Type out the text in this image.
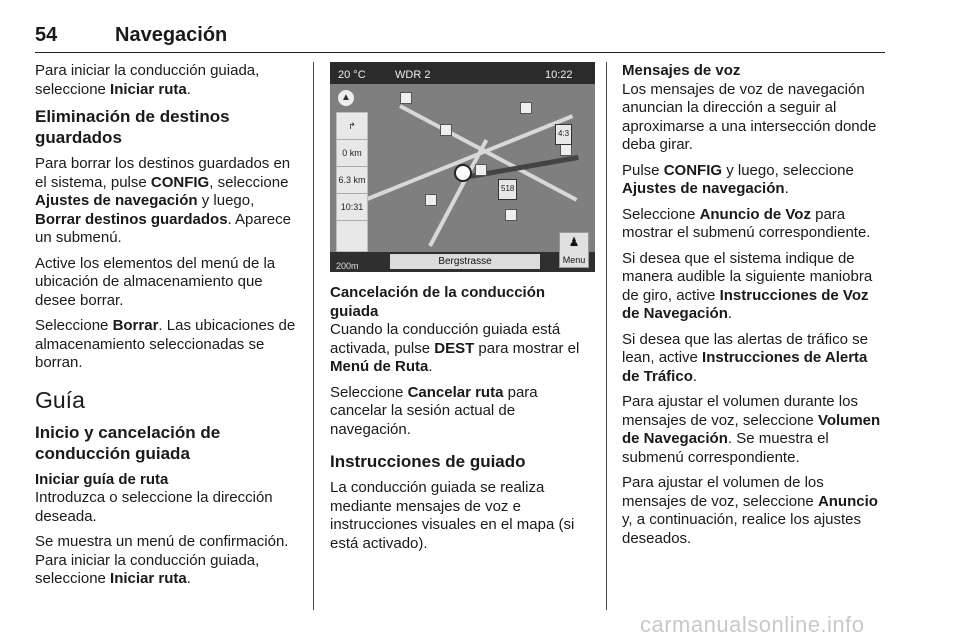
54	Navegación

Para iniciar la conducción guiada, seleccione Iniciar ruta.

Eliminación de destinos guardados

Para borrar los destinos guardados en el sistema, pulse CONFIG, seleccione Ajustes de navegación y luego, Borrar destinos guardados. Aparece un submenú.

Active los elementos del menú de la ubicación de almacenamiento que desee borrar.

Seleccione Borrar. Las ubicaciones de almacenamiento seleccionadas se borran.

Guía
Inicio y cancelación de conducción guiada

Iniciar guía de ruta

Introduzca o seleccione la dirección deseada.

Se muestra un menú de confirmación. Para iniciar la conducción guiada, seleccione Iniciar ruta.

20 °C	WDR 2	10:22
518
4:3
▲
↱
0 km
6.3 km
10:31
Bergstrasse
200m
♟
Menu

Cancelación de la conducción guiada

Cuando la conducción guiada está activada, pulse DEST para mostrar el Menú de Ruta.

Seleccione Cancelar ruta para cancelar la sesión actual de navegación.

Instrucciones de guiado

La conducción guiada se realiza mediante mensajes de voz e instrucciones visuales en el mapa (si está activado).

Mensajes de voz

Los mensajes de voz de navegación anuncian la dirección a seguir al aproximarse a una intersección donde deba girar.

Pulse CONFIG y luego, seleccione Ajustes de navegación.

Seleccione Anuncio de Voz para mostrar el submenú correspondiente.

Si desea que el sistema indique de manera audible la siguiente maniobra de giro, active Instrucciones de Voz de Navegación.

Si desea que las alertas de tráfico se lean, active Instrucciones de Alerta de Tráfico.

Para ajustar el volumen durante los mensajes de voz, seleccione Volumen de Navegación. Se muestra el submenú correspondiente.

Para ajustar el volumen de los mensajes de voz, seleccione Anuncio y, a continuación, realice los ajustes deseados.

carmanualsonline.info
